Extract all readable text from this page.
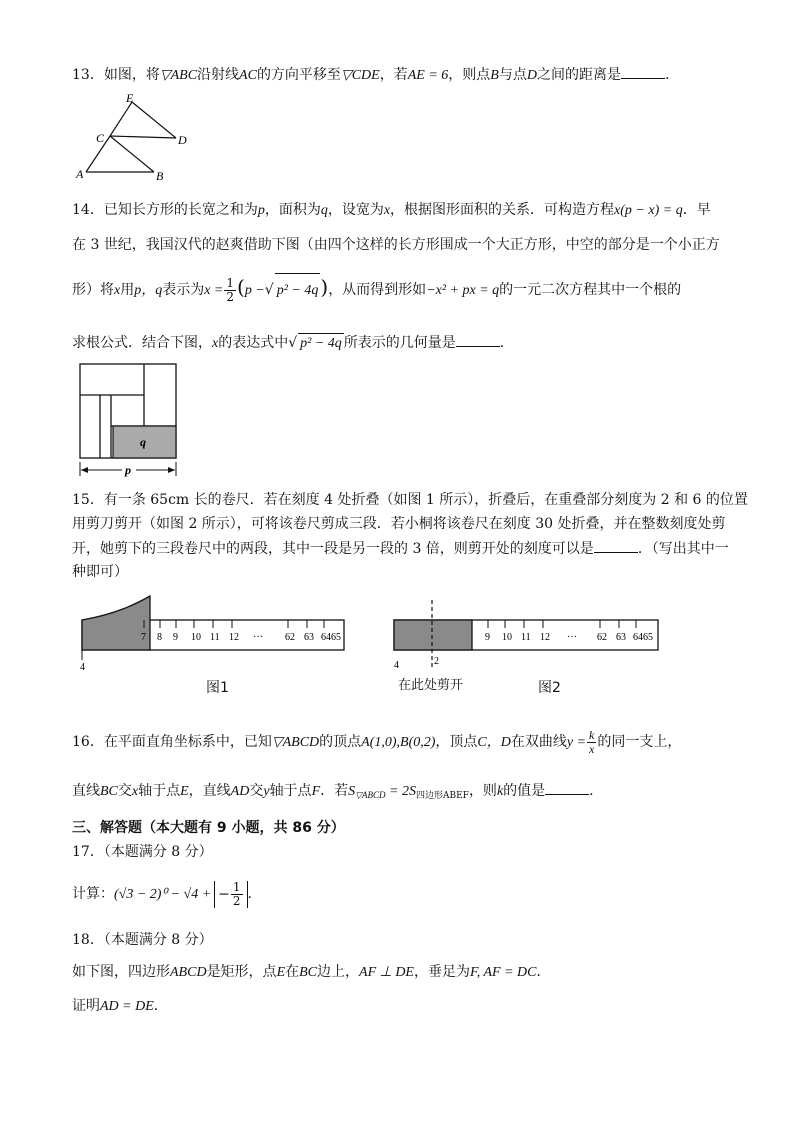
13．如图，将▽ABC沿射线AC的方向平移至▽CDE，若AE = 6，则点B与点D之间的距离是	.
E
C	D
A	B
14．已知长方形的长宽之和为p，面积为q，设宽为x，根据图形面积的关系．可构造方程x(p − x) = q．早
在 3 世纪，我国汉代的赵爽借助下图（由四个这样的长方形围成一个大正方形，中空的部分是一个小正方
形）将x用p，q表示为$x = \frac{1}{2} (p$ −√ p² − 4q )，从而得到形如−x² + px = q的一元二次方程其中一个根的
求根公式．结合下图，x的表达式中√ p² − 4q 所表示的几何量是	．
q
p
15．有一条 65cm 长的卷尺．若在刻度 4 处折叠（如图 1 所示），折叠后，在重叠部分刻度为 2 和 6 的位置
用剪刀剪开（如图 2 所示），可将该卷尺剪成三段．若小桐将该卷尺在刻度 30 处折叠，并在整数刻度处剪
开，她剪下的三段卷尺中的两段，其中一段是另一段的 3 倍，则剪开处的刻度可以是	．（写出其中一
种即可）
4
7 8 9 10 11 12 ··· 62 63 6465
图1
4	2
9 10 11 12 ··· 62 63 6465
在此处剪开	图2
16．在平面直角坐标系中，已知▽ABCD的顶点A(1,0),B(0,2)，顶点C，D在双曲线$y = \frac{k}{x}$ 的同一支上，
直线BC交x轴于点E，直线AD交y轴于点F．若$S_{▽ABCD} = 2S_{四边形ABEF}$，则k的值是	.
三、解答题（本大题有 9 小题，共 86 分）
17．（本题满分 8 分）
计算：(√3 − 2)⁰ − √4 + − $\frac{1}{2}$ .
18．（本题满分 8 分）
如下图，四边形ABCD是矩形，点E在BC边上，AF ⊥ DE，垂足为F, AF = DC．
证明AD = DE．
